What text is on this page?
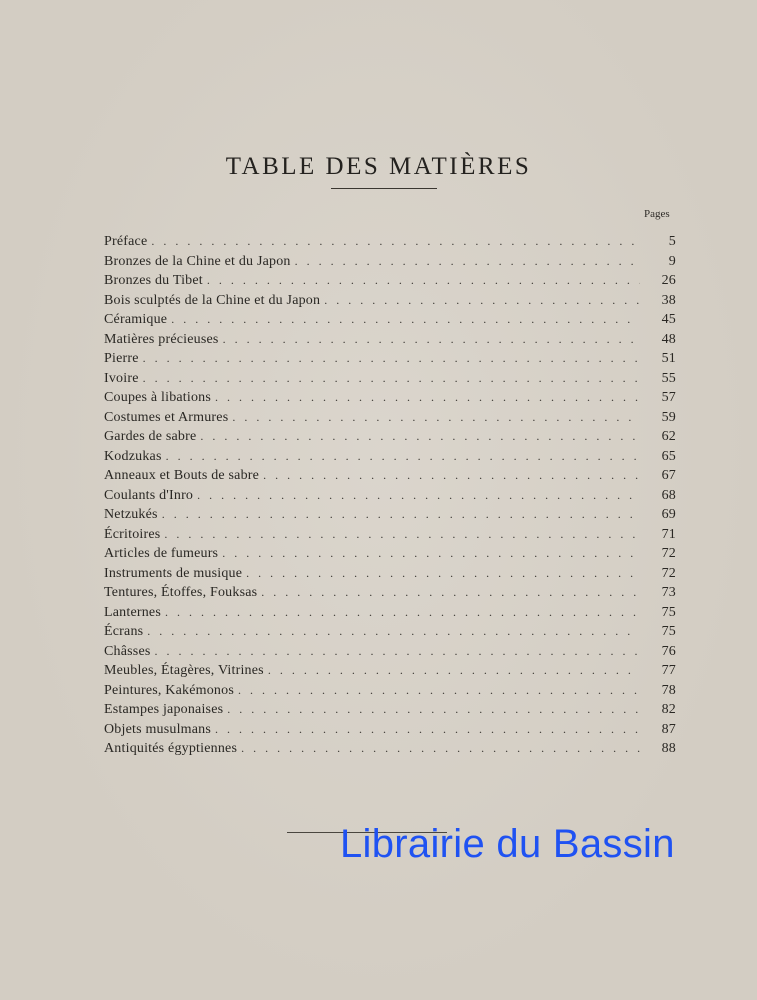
TABLE DES MATIÈRES
Pages
Préface . . .	5
Bronzes de la Chine et du Japon . . .	9
Bronzes du Tibet . . .	26
Bois sculptés de la Chine et du Japon . . .	38
Céramique . . .	45
Matières précieuses . . .	48
Pierre . . .	51
Ivoire . . .	55
Coupes à libations . . .	57
Costumes et Armures . . .	59
Gardes de sabre . . .	62
Kodzukas . . .	65
Anneaux et Bouts de sabre . . .	67
Coulants d'Inro . . .	68
Netzukés . . .	69
Écritoires . . .	71
Articles de fumeurs . . .	72
Instruments de musique . . .	72
Tentures, Étoffes, Fouksas . . .	73
Lanternes . . .	75
Écrans . . .	75
Châsses . . .	76
Meubles, Étagères, Vitrines . . .	77
Peintures, Kakémonos . . .	78
Estampes japonaises . . .	82
Objets musulmans . . .	87
Antiquités égyptiennes . . .	88
Librairie du Bassin
